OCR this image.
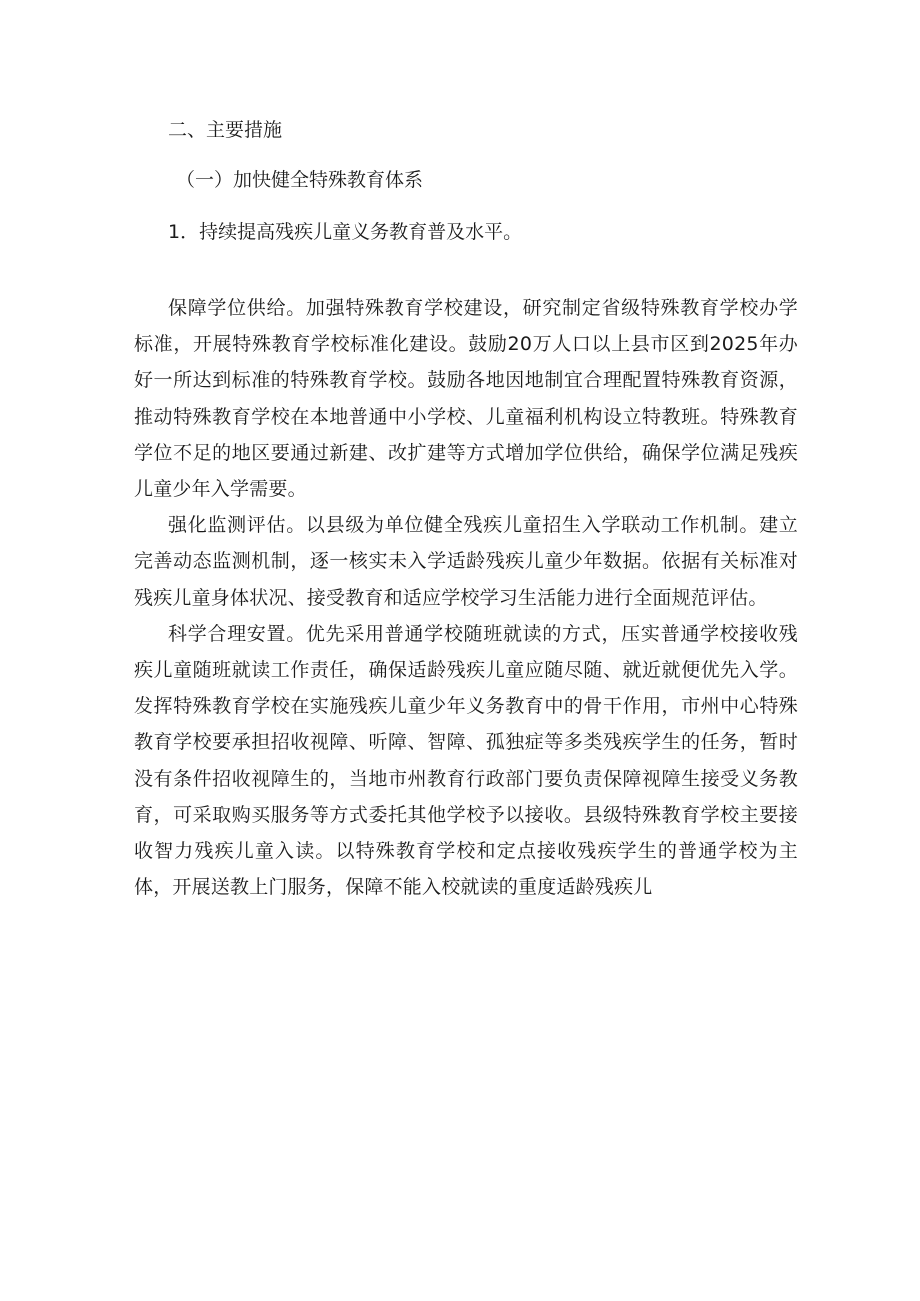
二、主要措施
（一）加快健全特殊教育体系
1．持续提高残疾儿童义务教育普及水平。

保障学位供给。加强特殊教育学校建设，研究制定省级特殊教育学校办学标准，开展特殊教育学校标准化建设。鼓励20万人口以上县市区到2025年办好一所达到标准的特殊教育学校。鼓励各地因地制宜合理配置特殊教育资源，推动特殊教育学校在本地普通中小学校、儿童福利机构设立特教班。特殊教育学位不足的地区要通过新建、改扩建等方式增加学位供给，确保学位满足残疾儿童少年入学需要。

强化监测评估。以县级为单位健全残疾儿童招生入学联动工作机制。建立完善动态监测机制，逐一核实未入学适龄残疾儿童少年数据。依据有关标准对残疾儿童身体状况、接受教育和适应学校学习生活能力进行全面规范评估。

科学合理安置。优先采用普通学校随班就读的方式，压实普通学校接收残疾儿童随班就读工作责任，确保适龄残疾儿童应随尽随、就近就便优先入学。发挥特殊教育学校在实施残疾儿童少年义务教育中的骨干作用，市州中心特殊教育学校要承担招收视障、听障、智障、孤独症等多类残疾学生的任务，暂时没有条件招收视障生的，当地市州教育行政部门要负责保障视障生接受义务教育，可采取购买服务等方式委托其他学校予以接收。县级特殊教育学校主要接收智力残疾儿童入读。以特殊教育学校和定点接收残疾学生的普通学校为主体，开展送教上门服务，保障不能入校就读的重度适龄残疾儿
